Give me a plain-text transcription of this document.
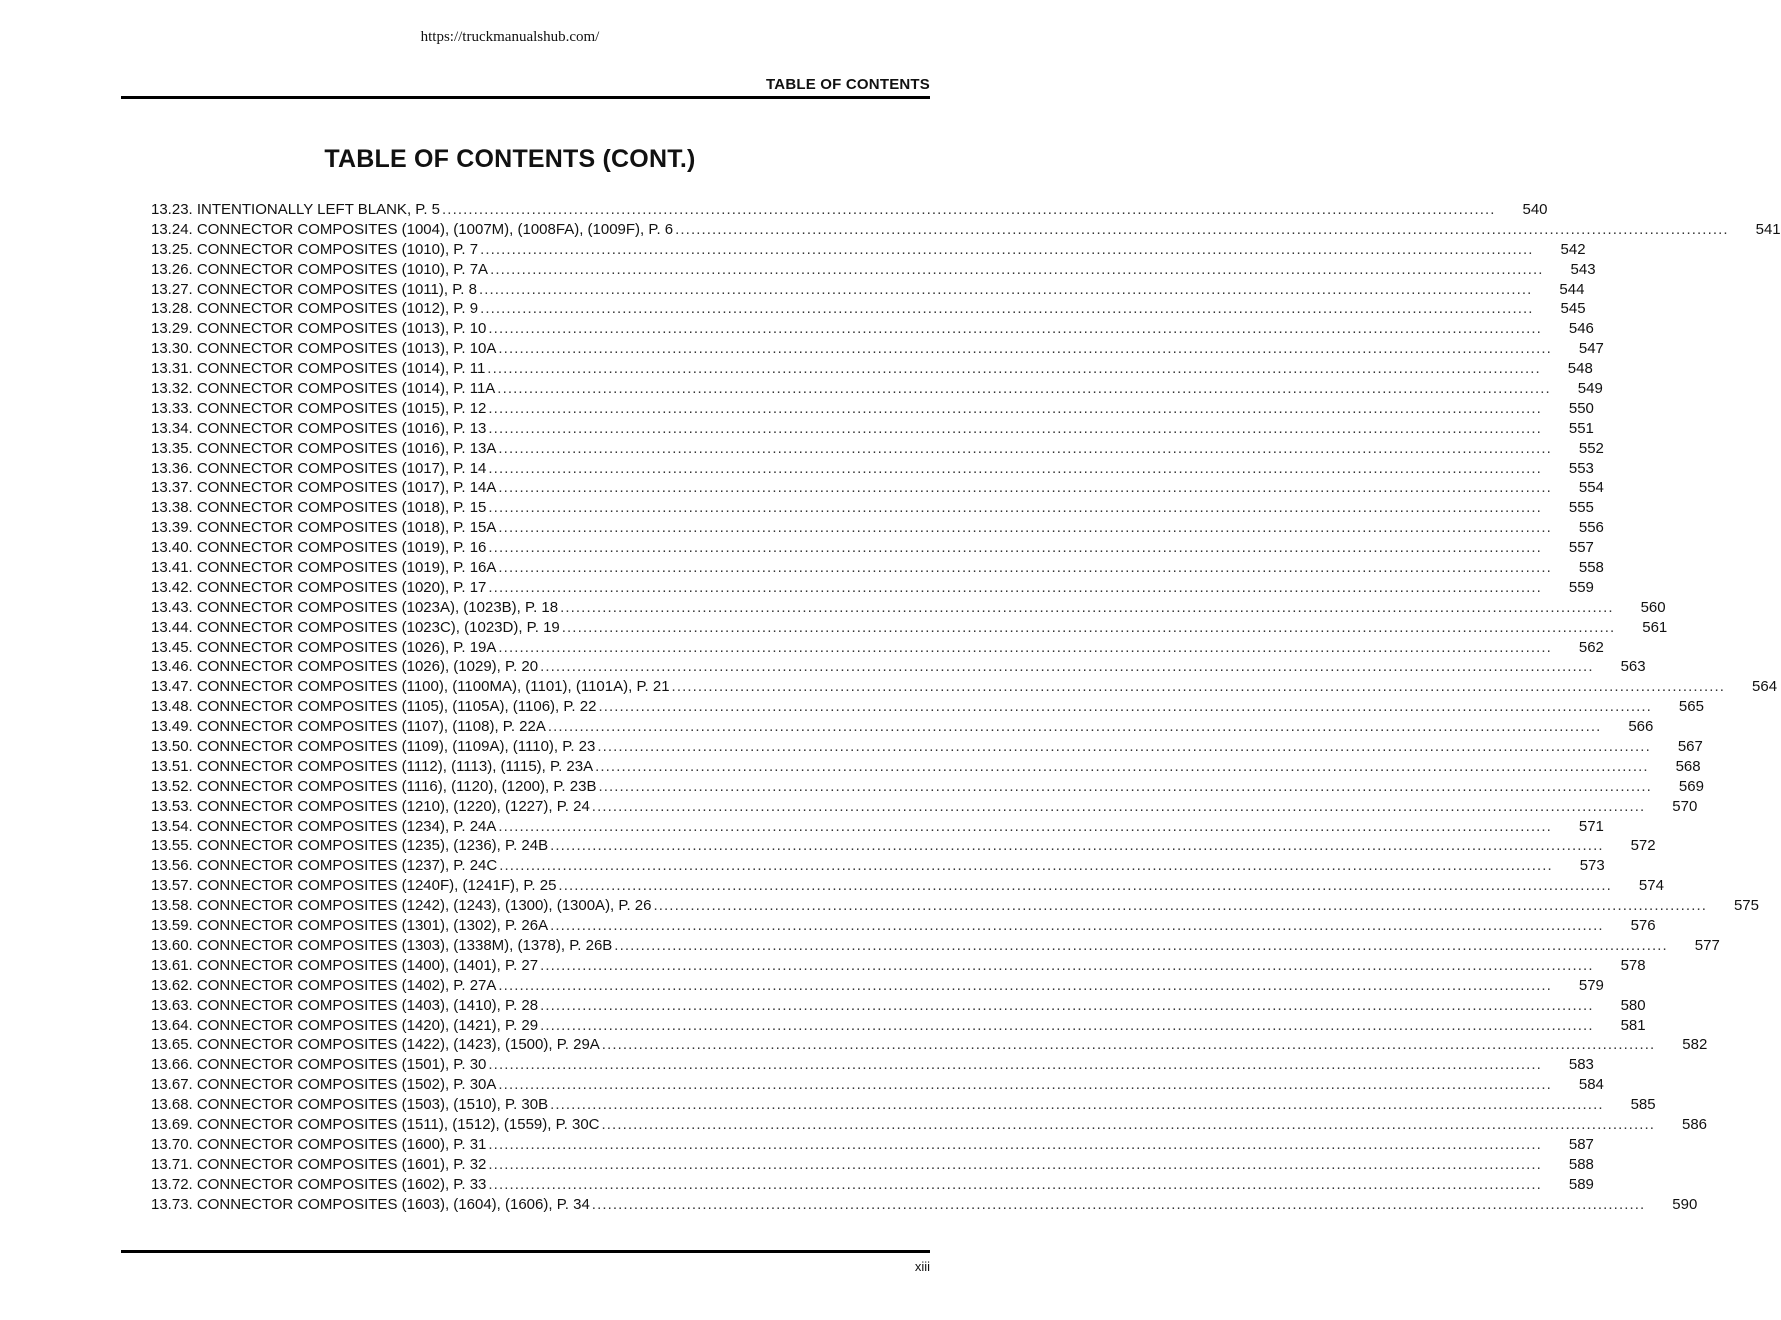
https://truckmanualshub.com/
TABLE OF CONTENTS
TABLE OF CONTENTS (CONT.)
13.23. INTENTIONALLY LEFT BLANK, P. 5 ........................................................................................................................................................................................................	540
13.24. CONNECTOR COMPOSITES (1004), (1007M), (1008FA), (1009F), P. 6 ........................................................................................................................................................................................................	541
13.25. CONNECTOR COMPOSITES (1010), P. 7 ........................................................................................................................................................................................................	542
13.26. CONNECTOR COMPOSITES (1010), P. 7A ........................................................................................................................................................................................................	543
13.27. CONNECTOR COMPOSITES (1011), P. 8 ........................................................................................................................................................................................................	544
13.28. CONNECTOR COMPOSITES (1012), P. 9 ........................................................................................................................................................................................................	545
13.29. CONNECTOR COMPOSITES (1013), P. 10 ........................................................................................................................................................................................................	546
13.30. CONNECTOR COMPOSITES (1013), P. 10A ........................................................................................................................................................................................................	547
13.31. CONNECTOR COMPOSITES (1014), P. 11 ........................................................................................................................................................................................................	548
13.32. CONNECTOR COMPOSITES (1014), P. 11A ........................................................................................................................................................................................................	549
13.33. CONNECTOR COMPOSITES (1015), P. 12 ........................................................................................................................................................................................................	550
13.34. CONNECTOR COMPOSITES (1016), P. 13 ........................................................................................................................................................................................................	551
13.35. CONNECTOR COMPOSITES (1016), P. 13A ........................................................................................................................................................................................................	552
13.36. CONNECTOR COMPOSITES (1017), P. 14 ........................................................................................................................................................................................................	553
13.37. CONNECTOR COMPOSITES (1017), P. 14A ........................................................................................................................................................................................................	554
13.38. CONNECTOR COMPOSITES (1018), P. 15 ........................................................................................................................................................................................................	555
13.39. CONNECTOR COMPOSITES (1018), P. 15A ........................................................................................................................................................................................................	556
13.40. CONNECTOR COMPOSITES (1019), P. 16 ........................................................................................................................................................................................................	557
13.41. CONNECTOR COMPOSITES (1019), P. 16A ........................................................................................................................................................................................................	558
13.42. CONNECTOR COMPOSITES (1020), P. 17 ........................................................................................................................................................................................................	559
13.43. CONNECTOR COMPOSITES (1023A), (1023B), P. 18 ........................................................................................................................................................................................................	560
13.44. CONNECTOR COMPOSITES (1023C), (1023D), P. 19 ........................................................................................................................................................................................................	561
13.45. CONNECTOR COMPOSITES (1026), P. 19A ........................................................................................................................................................................................................	562
13.46. CONNECTOR COMPOSITES (1026), (1029), P. 20 ........................................................................................................................................................................................................	563
13.47. CONNECTOR COMPOSITES (1100), (1100MA), (1101), (1101A), P. 21 ........................................................................................................................................................................................................	564
13.48. CONNECTOR COMPOSITES (1105), (1105A), (1106), P. 22 ........................................................................................................................................................................................................	565
13.49. CONNECTOR COMPOSITES (1107), (1108), P. 22A ........................................................................................................................................................................................................	566
13.50. CONNECTOR COMPOSITES (1109), (1109A), (1110), P. 23 ........................................................................................................................................................................................................	567
13.51. CONNECTOR COMPOSITES (1112), (1113), (1115), P. 23A ........................................................................................................................................................................................................	568
13.52. CONNECTOR COMPOSITES (1116), (1120), (1200), P. 23B ........................................................................................................................................................................................................	569
13.53. CONNECTOR COMPOSITES (1210), (1220), (1227), P. 24 ........................................................................................................................................................................................................	570
13.54. CONNECTOR COMPOSITES (1234), P. 24A ........................................................................................................................................................................................................	571
13.55. CONNECTOR COMPOSITES (1235), (1236), P. 24B ........................................................................................................................................................................................................	572
13.56. CONNECTOR COMPOSITES (1237), P. 24C ........................................................................................................................................................................................................	573
13.57. CONNECTOR COMPOSITES (1240F), (1241F), P. 25 ........................................................................................................................................................................................................	574
13.58. CONNECTOR COMPOSITES (1242), (1243), (1300), (1300A), P. 26 ........................................................................................................................................................................................................	575
13.59. CONNECTOR COMPOSITES (1301), (1302), P. 26A ........................................................................................................................................................................................................	576
13.60. CONNECTOR COMPOSITES (1303), (1338M), (1378), P. 26B ........................................................................................................................................................................................................	577
13.61. CONNECTOR COMPOSITES (1400), (1401), P. 27 ........................................................................................................................................................................................................	578
13.62. CONNECTOR COMPOSITES (1402), P. 27A ........................................................................................................................................................................................................	579
13.63. CONNECTOR COMPOSITES (1403), (1410), P. 28 ........................................................................................................................................................................................................	580
13.64. CONNECTOR COMPOSITES (1420), (1421), P. 29 ........................................................................................................................................................................................................	581
13.65. CONNECTOR COMPOSITES (1422), (1423), (1500), P. 29A ........................................................................................................................................................................................................	582
13.66. CONNECTOR COMPOSITES (1501), P. 30 ........................................................................................................................................................................................................	583
13.67. CONNECTOR COMPOSITES (1502), P. 30A ........................................................................................................................................................................................................	584
13.68. CONNECTOR COMPOSITES (1503), (1510), P. 30B ........................................................................................................................................................................................................	585
13.69. CONNECTOR COMPOSITES (1511), (1512), (1559), P. 30C ........................................................................................................................................................................................................	586
13.70. CONNECTOR COMPOSITES (1600), P. 31 ........................................................................................................................................................................................................	587
13.71. CONNECTOR COMPOSITES (1601), P. 32 ........................................................................................................................................................................................................	588
13.72. CONNECTOR COMPOSITES (1602), P. 33 ........................................................................................................................................................................................................	589
13.73. CONNECTOR COMPOSITES (1603), (1604), (1606), P. 34 ........................................................................................................................................................................................................	590
xiii
